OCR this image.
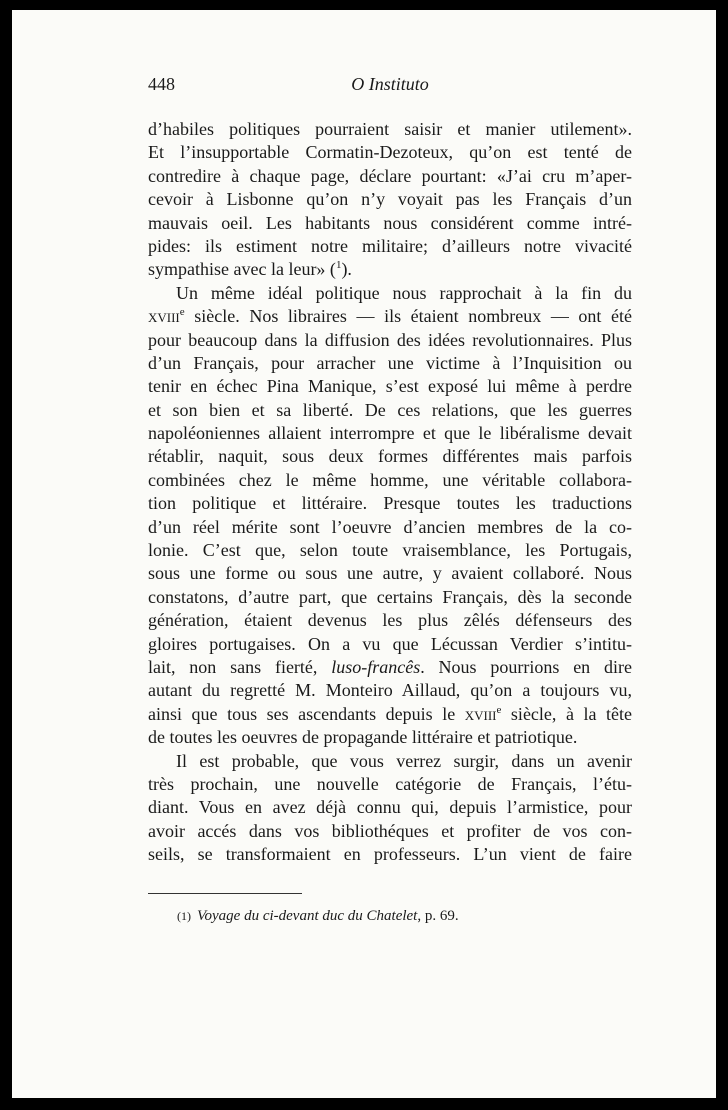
448	O Instituto
d’habiles politiques pourraient saisir et manier utilement».
Et l’insupportable Cormatin-Dezoteux, qu’on est tenté de
contredire à chaque page, déclare pourtant: «J’ai cru m’aper-
cevoir à Lisbonne qu’on n’y voyait pas les Français d’un
mauvais oeil. Les habitants nous considérent comme intré-
pides: ils estiment notre militaire; d’ailleurs notre vivacité
sympathise avec la leur» ($^1$).
Un même idéal politique nous rapprochait à la fin du
xviii$^e$ siècle. Nos libraires — ils étaient nombreux — ont été
pour beaucoup dans la diffusion des idées revolutionnaires. Plus
d’un Français, pour arracher une victime à l’Inquisition ou
tenir en échec Pina Manique, s’est exposé lui même à perdre
et son bien et sa liberté. De ces relations, que les guerres
napoléoniennes allaient interrompre et que le libéralisme devait
rétablir, naquit, sous deux formes différentes mais parfois
combinées chez le même homme, une véritable collabora-
tion politique et littéraire. Presque toutes les traductions
d’un réel mérite sont l’oeuvre d’ancien membres de la co-
lonie. C’est que, selon toute vraisemblance, les Portugais,
sous une forme ou sous une autre, y avaient collaboré. Nous
constatons, d’autre part, que certains Français, dès la seconde
génération, étaient devenus les plus zêlés défenseurs des
gloires portugaises. On a vu que Lécussan Verdier s’intitu-
lait, non sans fierté, luso-francês. Nous pourrions en dire
autant du regretté M. Monteiro Aillaud, qu’on a toujours vu,
ainsi que tous ses ascendants depuis le xviii$^e$ siècle, à la tête
de toutes les oeuvres de propagande littéraire et patriotique.
Il est probable, que vous verrez surgir, dans un avenir
très prochain, une nouvelle catégorie de Français, l’étu-
diant. Vous en avez déjà connu qui, depuis l’armistice, pour
avoir accés dans vos bibliothéques et profiter de vos con-
seils, se transformaient en professeurs. L’un vient de faire
(1) Voyage du ci-devant duc du Chatelet, p. 69.
